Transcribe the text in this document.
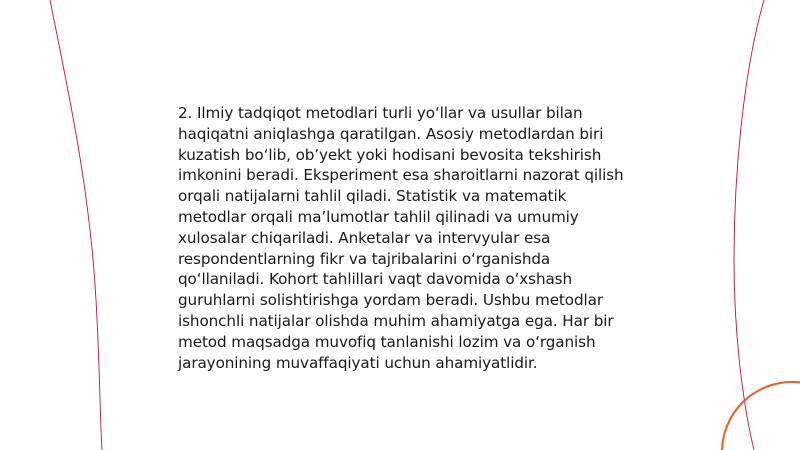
2. Ilmiy tadqiqot metodlari turli yo‘llar va usullar bilan haqiqatni aniqlashga qaratilgan. Asosiy metodlardan biri kuzatish bo‘lib, ob’yekt yoki hodisani bevosita tekshirish imkonini beradi. Eksperiment esa sharoitlarni nazorat qilish orqali natijalarni tahlil qiladi. Statistik va matematik metodlar orqali ma’lumotlar tahlil qilinadi va umumiy xulosalar chiqariladi. Anketalar va intervyular esa respondentlarning fikr va tajribalarini o‘rganishda qo‘llaniladi. Kohort tahlillari vaqt davomida o‘xshash guruhlarni solishtirishga yordam beradi. Ushbu metodlar ishonchli natijalar olishda muhim ahamiyatga ega. Har bir metod maqsadga muvofiq tanlanishi lozim va o‘rganish jarayonining muvaffaqiyati uchun ahamiyatlidir.
